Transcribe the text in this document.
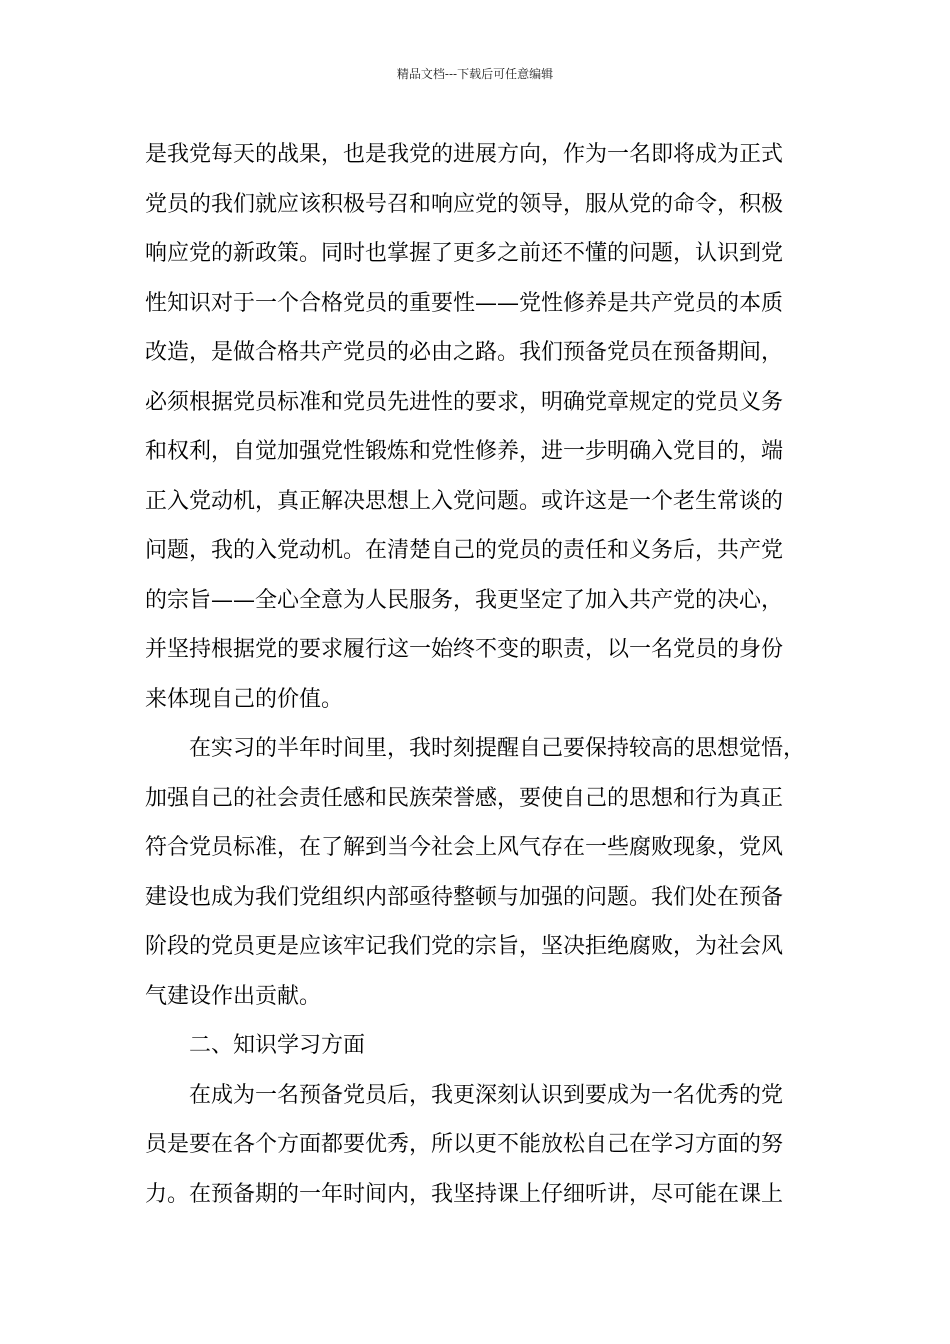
精品文档---下载后可任意编辑
是我党每天的战果，也是我党的进展方向，作为一名即将成为正式
党员的我们就应该积极号召和响应党的领导，服从党的命令，积极
响应党的新政策。同时也掌握了更多之前还不懂的问题，认识到党
性知识对于一个合格党员的重要性——党性修养是共产党员的本质
改造，是做合格共产党员的必由之路。我们预备党员在预备期间，
必须根据党员标准和党员先进性的要求，明确党章规定的党员义务
和权利，自觉加强党性锻炼和党性修养，进一步明确入党目的，端
正入党动机，真正解决思想上入党问题。或许这是一个老生常谈的
问题，我的入党动机。在清楚自己的党员的责任和义务后，共产党
的宗旨——全心全意为人民服务，我更坚定了加入共产党的决心，
并坚持根据党的要求履行这一始终不变的职责，以一名党员的身份
来体现自己的价值。
在实习的半年时间里，我时刻提醒自己要保持较高的思想觉悟，
加强自己的社会责任感和民族荣誉感，要使自己的思想和行为真正
符合党员标准，在了解到当今社会上风气存在一些腐败现象，党风
建设也成为我们党组织内部亟待整顿与加强的问题。我们处在预备
阶段的党员更是应该牢记我们党的宗旨，坚决拒绝腐败，为社会风
气建设作出贡献。
二、知识学习方面
在成为一名预备党员后，我更深刻认识到要成为一名优秀的党
员是要在各个方面都要优秀，所以更不能放松自己在学习方面的努
力。在预备期的一年时间内，我坚持课上仔细听讲，尽可能在课上
